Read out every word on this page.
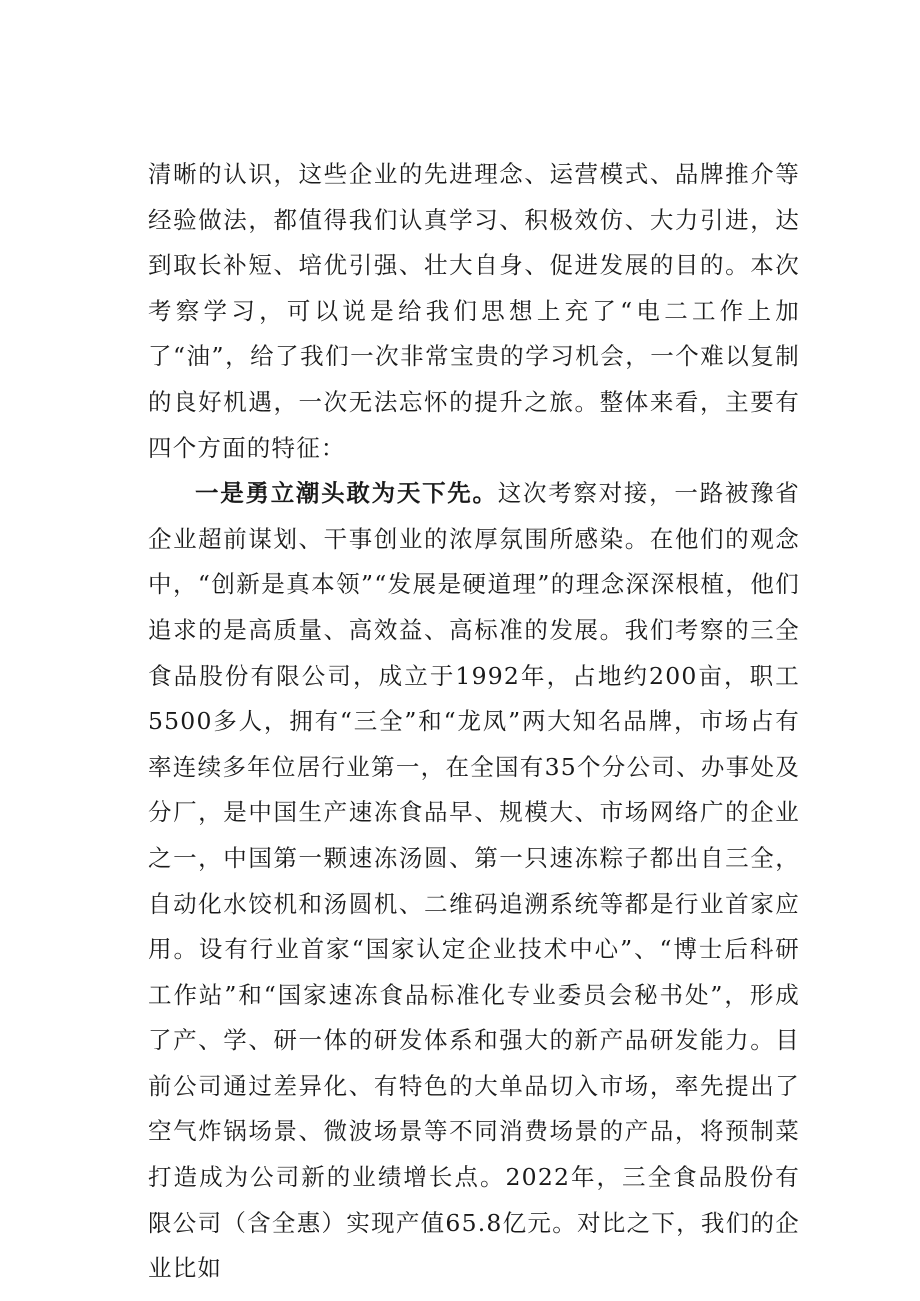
清晰的认识，这些企业的先进理念、运营模式、品牌推介等经验做法，都值得我们认真学习、积极效仿、大力引进，达到取长补短、培优引强、壮大自身、促进发展的目的。本次考察学习，可以说是给我们思想上充了“电二工作上加了“油”，给了我们一次非常宝贵的学习机会，一个难以复制的良好机遇，一次无法忘怀的提升之旅。整体来看，主要有四个方面的特征：

一是勇立潮头敢为天下先。这次考察对接，一路被豫省企业超前谋划、干事创业的浓厚氛围所感染。在他们的观念中，“创新是真本领”“发展是硬道理”的理念深深根植，他们追求的是高质量、高效益、高标准的发展。我们考察的三全食品股份有限公司，成立于1992年，占地约200亩，职工5500多人，拥有“三全”和“龙凤”两大知名品牌，市场占有率连续多年位居行业第一，在全国有35个分公司、办事处及分厂，是中国生产速冻食品早、规模大、市场网络广的企业之一，中国第一颗速冻汤圆、第一只速冻粽子都出自三全，自动化水饺机和汤圆机、二维码追溯系统等都是行业首家应用。设有行业首家“国家认定企业技术中心”、“博士后科研工作站”和“国家速冻食品标准化专业委员会秘书处”，形成了产、学、研一体的研发体系和强大的新产品研发能力。目前公司通过差异化、有特色的大单品切入市场，率先提出了空气炸锅场景、微波场景等不同消费场景的产品，将预制菜打造成为公司新的业绩增长点。2022年，三全食品股份有限公司（含全惠）实现产值65.8亿元。对比之下，我们的企业比如
